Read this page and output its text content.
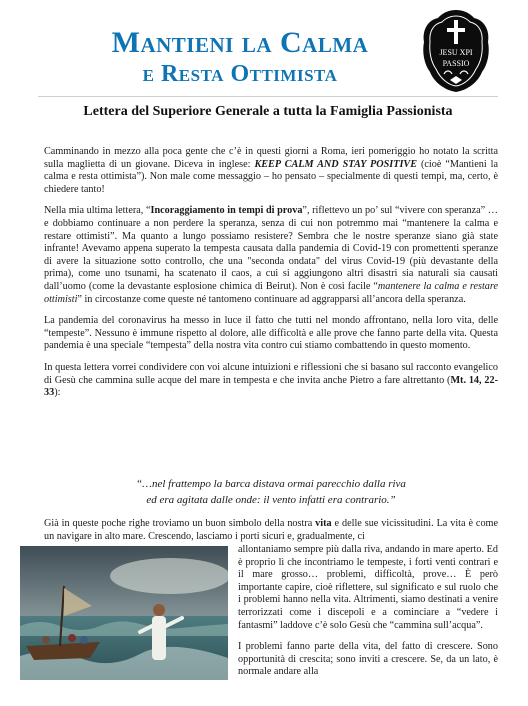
Mantieni la Calma
e Resta Ottimista
JESU XPI
PASSIO
Lettera del Superiore Generale a tutta la Famiglia Passionista

Camminando in mezzo alla poca gente che c’è in questi giorni a Roma, ieri pomeriggio ho notato la scritta sulla maglietta di un giovane. Diceva in inglese: KEEP CALM AND STAY POSITIVE (cioè “Mantieni la calma e resta ottimista”). Non male come messaggio – ho pensato – specialmente di questi tempi, ma, certo, è chiedere tanto!

Nella mia ultima lettera, “Incoraggiamento in tempi di prova”, riflettevo un po’ sul “vivere con speranza” … e dobbiamo continuare a non perdere la speranza, senza di cui non potremmo mai “mantenere la calma e restare ottimisti”. Ma quanto a lungo possiamo resistere? Sembra che le nostre speranze siano già state infrante! Avevamo appena superato la tempesta causata dalla pandemia di Covid-19 con promettenti speranze di avere la situazione sotto controllo, che una "seconda ondata" del virus Covid-19 (più devastante della prima), come uno tsunami, ha scatenato il caos, a cui si aggiungono altri disastri sia naturali sia causati dall’uomo (come la devastante esplosione chimica di Beirut). Non è così facile “mantenere la calma e restare ottimisti” in circostanze come queste né tantomeno continuare ad aggrapparsi all’ancora della speranza.

La pandemia del coronavirus ha messo in luce il fatto che tutti nel mondo affrontano, nella loro vita, delle “tempeste”. Nessuno è immune rispetto al dolore, alle difficoltà e alle prove che fanno parte della vita. Questa pandemia è una speciale “tempesta” della nostra vita contro cui stiamo combattendo in questo momento.

In questa lettera vorrei condividere con voi alcune intuizioni e riflessioni che si basano sul racconto evangelico di Gesù che cammina sulle acque del mare in tempesta e che invita anche Pietro a fare altrettanto (Mt. 14, 22-33):

“…nel frattempo la barca distava ormai parecchio dalla riva
ed era agitata dalle onde: il vento infatti era contrario.”
Già in queste poche righe troviamo un buon simbolo della nostra vita e delle sue vicissitudini. La vita è come un navigare in alto mare. Crescendo, lasciamo i porti sicuri e, gradualmente, ci

allontaniamo sempre più dalla riva, andando in mare aperto. Ed è proprio lì che incontriamo le tempeste, i forti venti contrari e il mare grosso… problemi, difficoltà, prove… È però importante capire, cioè riflettere, sul significato e sul ruolo che i problemi hanno nella vita. Altrimenti, siamo destinati a venire terrorizzati come i discepoli e a cominciare a “vedere i fantasmi” laddove c’è solo Gesù che “cammina sull’acqua”.

I problemi fanno parte della vita, del fatto di crescere. Sono opportunità di crescita; sono inviti a crescere. Se, da un lato, è normale andare alla
